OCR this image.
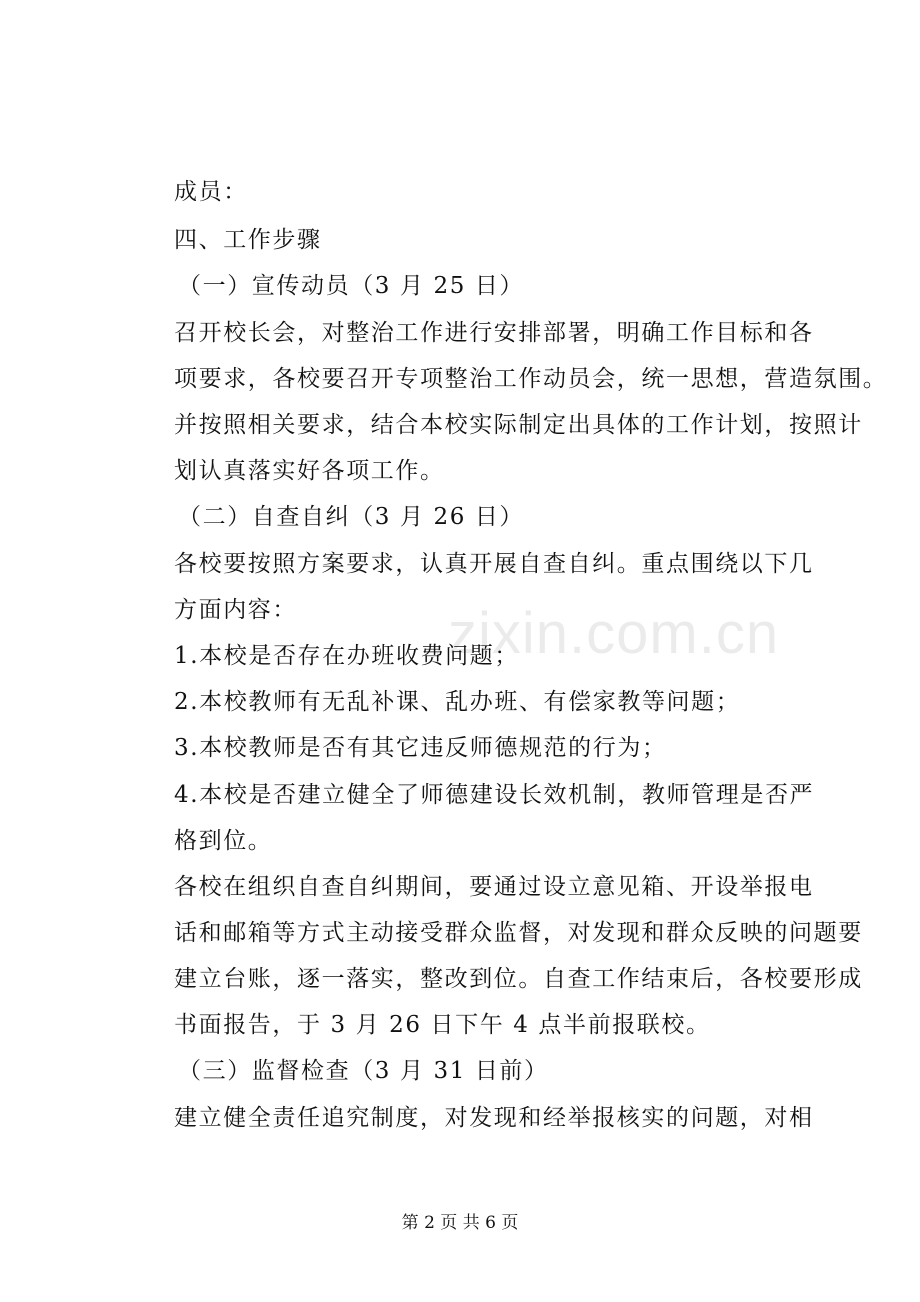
成员：
四、工作步骤
（一）宣传动员（3 月 25 日）
召开校长会，对整治工作进行安排部署，明确工作目标和各
项要求，各校要召开专项整治工作动员会，统一思想，营造氛围。
并按照相关要求，结合本校实际制定出具体的工作计划，按照计
划认真落实好各项工作。
（二）自查自纠（3 月 26 日）
各校要按照方案要求，认真开展自查自纠。重点围绕以下几
方面内容：
1.本校是否存在办班收费问题；
2.本校教师有无乱补课、乱办班、有偿家教等问题；
3.本校教师是否有其它违反师德规范的行为；
4.本校是否建立健全了师德建设长效机制，教师管理是否严
格到位。
各校在组织自查自纠期间，要通过设立意见箱、开设举报电
话和邮箱等方式主动接受群众监督，对发现和群众反映的问题要
建立台账，逐一落实，整改到位。自查工作结束后，各校要形成
书面报告，于 3 月 26 日下午 4 点半前报联校。
（三）监督检查（3 月 31 日前）
建立健全责任追究制度，对发现和经举报核实的问题，对相
zixin.com.cn
第 2 页 共 6 页
